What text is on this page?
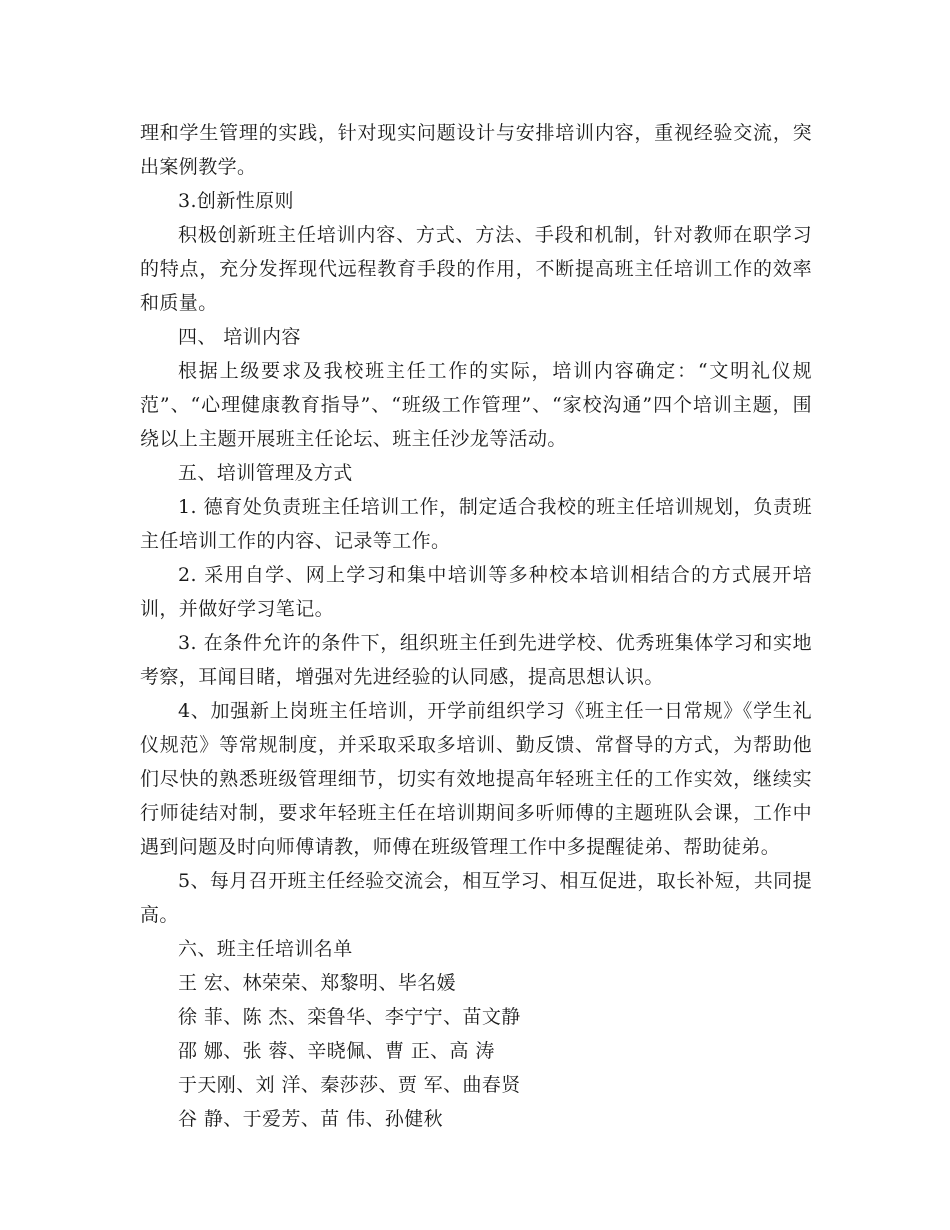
理和学生管理的实践，针对现实问题设计与安排培训内容，重视经验交流，突出案例教学。

3.创新性原则

积极创新班主任培训内容、方式、方法、手段和机制，针对教师在职学习的特点，充分发挥现代远程教育手段的作用，不断提高班主任培训工作的效率和质量。

四、 培训内容

根据上级要求及我校班主任工作的实际，培训内容确定：“文明礼仪规范”、“心理健康教育指导”、“班级工作管理”、“家校沟通”四个培训主题，围绕以上主题开展班主任论坛、班主任沙龙等活动。

五、培训管理及方式

1. 德育处负责班主任培训工作，制定适合我校的班主任培训规划，负责班主任培训工作的内容、记录等工作。

2. 采用自学、网上学习和集中培训等多种校本培训相结合的方式展开培训，并做好学习笔记。

3. 在条件允许的条件下，组织班主任到先进学校、优秀班集体学习和实地考察，耳闻目睹，增强对先进经验的认同感，提高思想认识。

4、加强新上岗班主任培训，开学前组织学习《班主任一日常规》《学生礼仪规范》等常规制度，并采取采取多培训、勤反馈、常督导的方式，为帮助他们尽快的熟悉班级管理细节，切实有效地提高年轻班主任的工作实效，继续实行师徒结对制，要求年轻班主任在培训期间多听师傅的主题班队会课，工作中遇到问题及时向师傅请教，师傅在班级管理工作中多提醒徒弟、帮助徒弟。

5、每月召开班主任经验交流会，相互学习、相互促进，取长补短，共同提高。

六、班主任培训名单

王 宏、林荣荣、郑黎明、毕名媛

徐 菲、陈 杰、栾鲁华、李宁宁、苗文静

邵 娜、张 蓉、辛晓佩、曹 正、高 涛

于天刚、刘 洋、秦莎莎、贾 军、曲春贤

谷 静、于爱芳、苗 伟、孙健秋
